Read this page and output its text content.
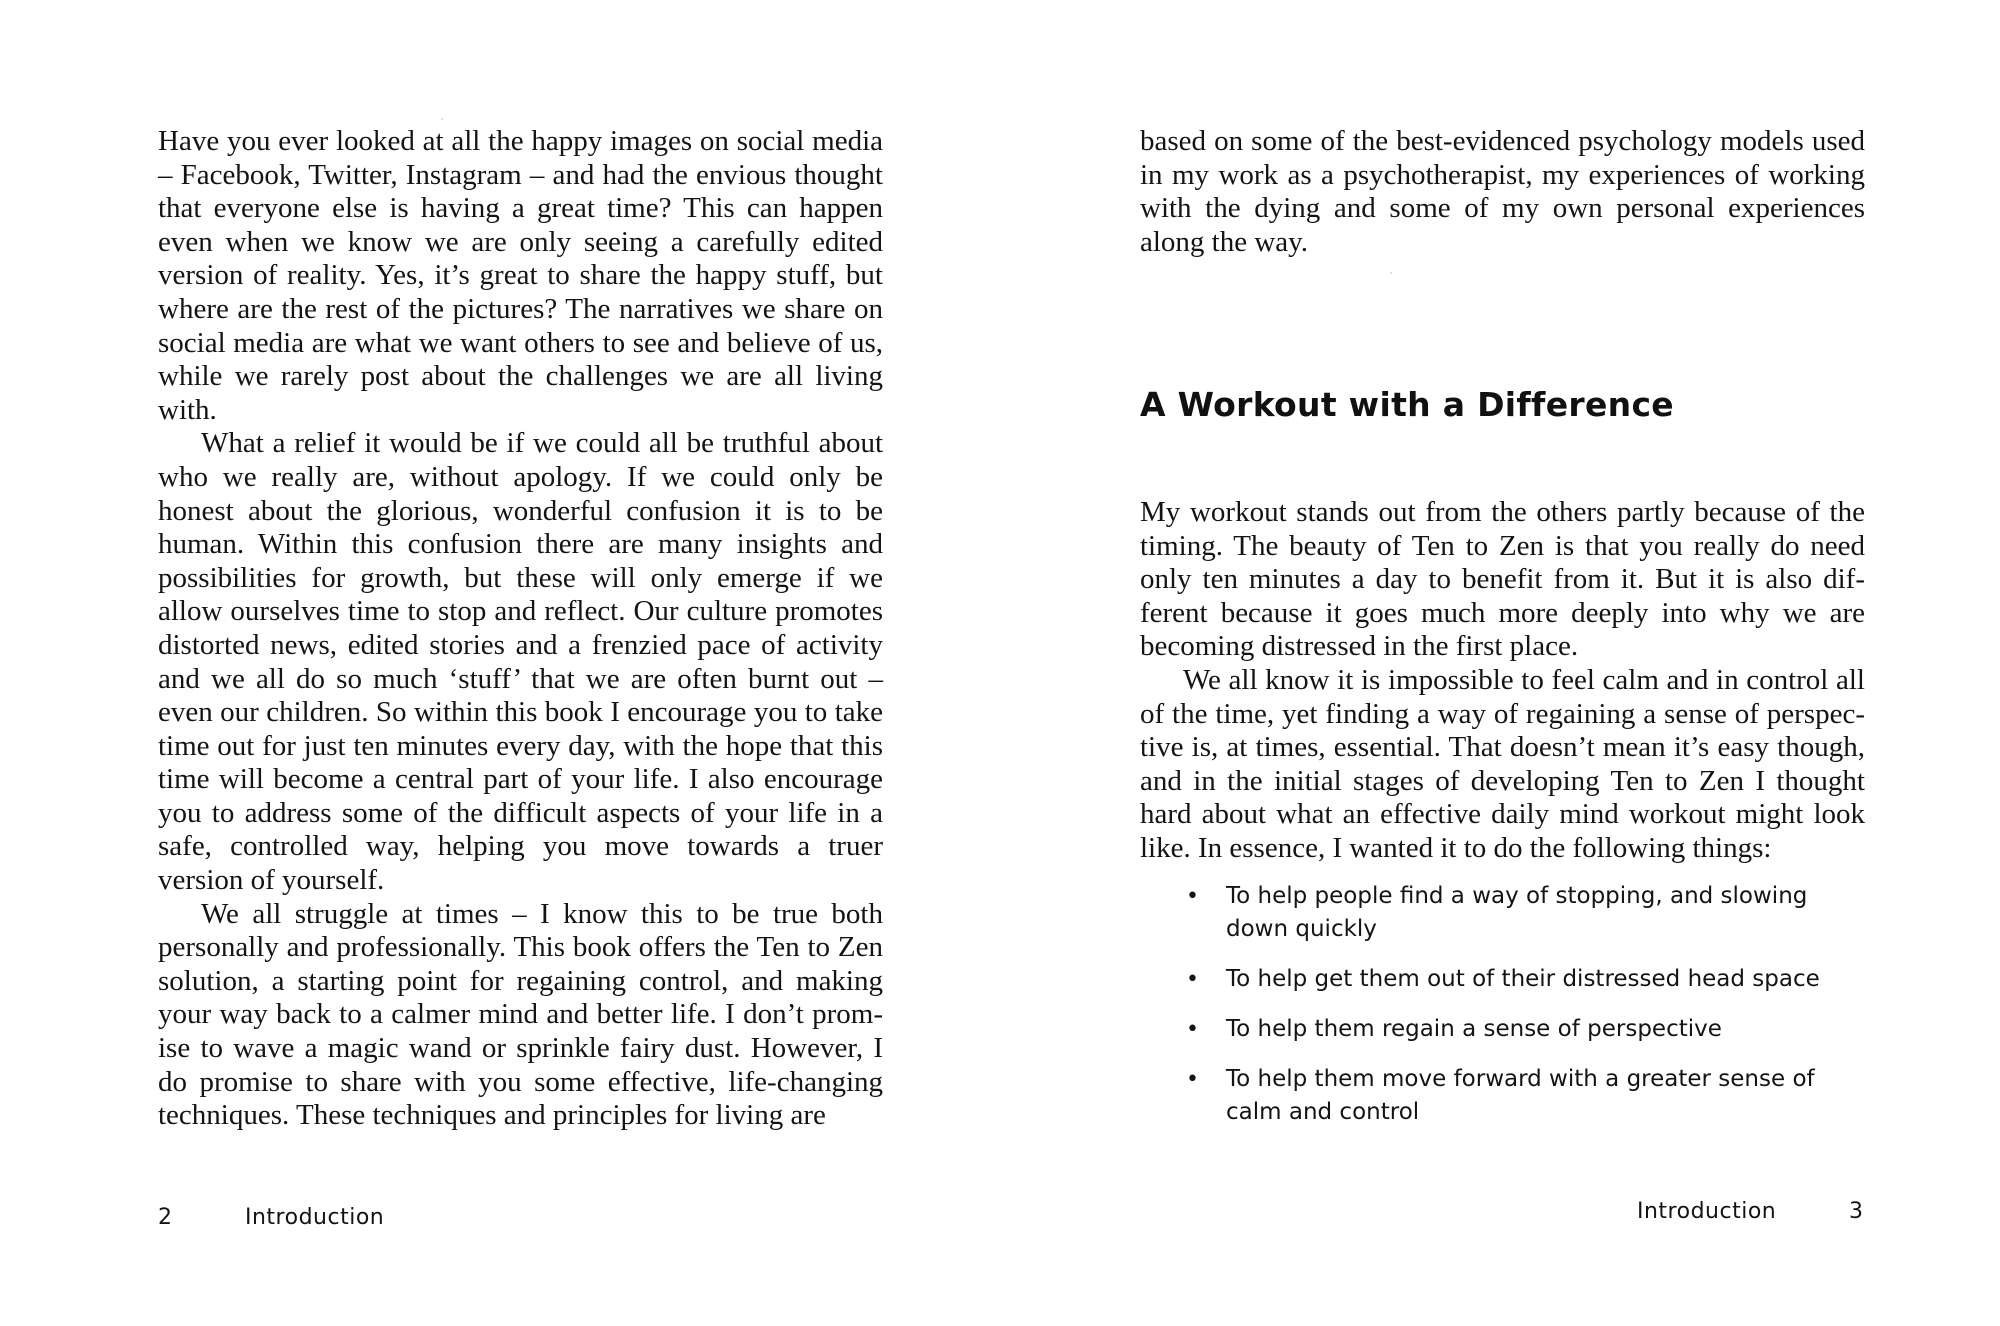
Have you ever looked at all the happy images on social media – Facebook, Twitter, Instagram – and had the envious thought that everyone else is having a great time? This can happen even when we know we are only seeing a carefully edited version of reality. Yes, it’s great to share the happy stuff, but where are the rest of the pictures? The narratives we share on social media are what we want others to see and believe of us, while we rarely post about the challenges we are all living with.

What a relief it would be if we could all be truthful about who we really are, without apology. If we could only be honest about the glorious, wonderful confusion it is to be human. Within this confusion there are many insights and possibilities for growth, but these will only emerge if we allow ourselves time to stop and reflect. Our culture promotes distorted news, edited stories and a frenzied pace of activity and we all do so much ‘stuff’ that we are often burnt out – even our children. So within this book I encourage you to take time out for just ten minutes every day, with the hope that this time will become a central part of your life. I also encourage you to address some of the difficult aspects of your life in a safe, controlled way, helping you move towards a truer version of yourself.

We all struggle at times – I know this to be true both personally and professionally. This book offers the Ten to Zen solution, a starting point for regaining control, and making your way back to a calmer mind and better life. I don’t promise to wave a magic wand or sprinkle fairy dust. However, I do promise to share with you some effective, life-changing techniques. These techniques and principles for living are

2	Introduction

based on some of the best-evidenced psychology models used in my work as a psychotherapist, my experiences of working with the dying and some of my own personal experiences along the way.

A Workout with a Difference

My workout stands out from the others partly because of the timing. The beauty of Ten to Zen is that you really do need only ten minutes a day to benefit from it. But it is also different because it goes much more deeply into why we are becoming distressed in the first place.

We all know it is impossible to feel calm and in control all of the time, yet finding a way of regaining a sense of perspective is, at times, essential. That doesn’t mean it’s easy though, and in the initial stages of developing Ten to Zen I thought hard about what an effective daily mind workout might look like. In essence, I wanted it to do the following things:

• To help people find a way of stopping, and slowing down quickly
• To help get them out of their distressed head space
• To help them regain a sense of perspective
• To help them move forward with a greater sense of calm and control
Introduction	3
